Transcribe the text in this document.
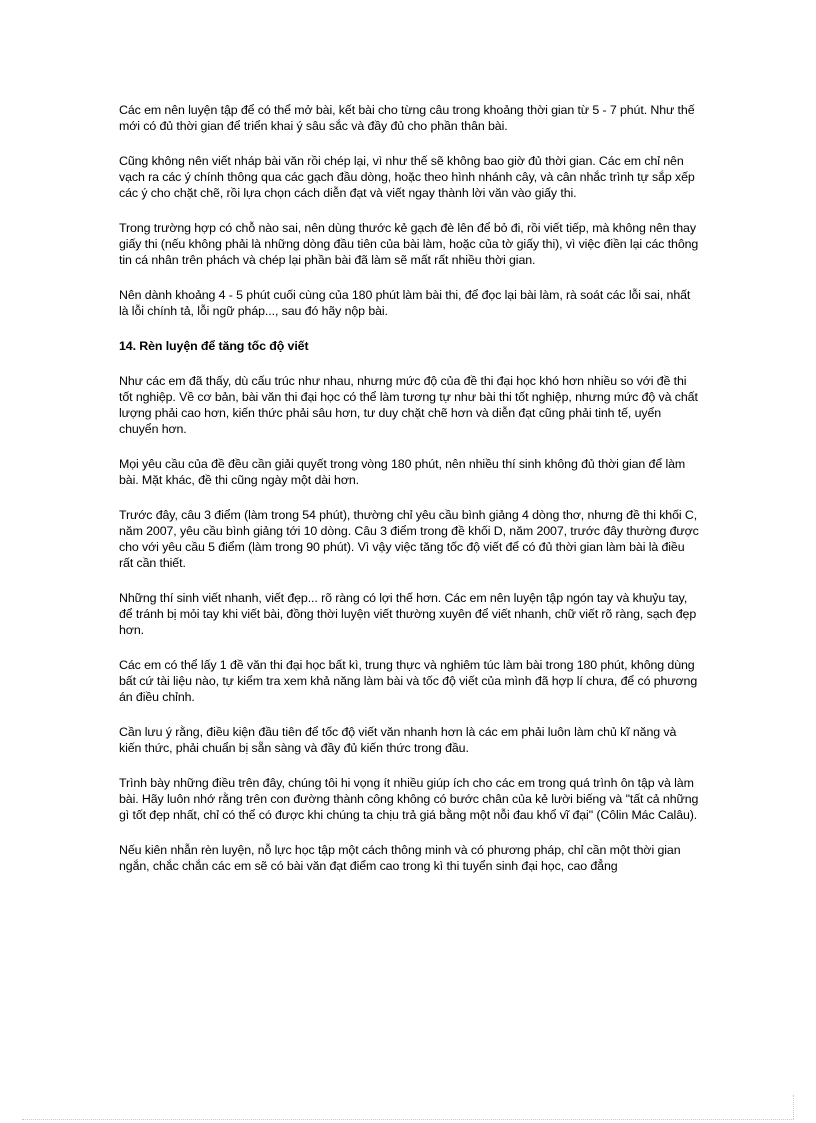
Các em nên luyện tập để có thể mở bài, kết bài cho từng câu trong khoảng thời gian từ 5 - 7 phút. Như thế mới có đủ thời gian để triển khai ý sâu sắc và đầy đủ cho phần thân bài.

Cũng không nên viết nháp bài văn rồi chép lại, vì như thế sẽ không bao giờ đủ thời gian. Các em chỉ nên vạch ra các ý chính thông qua các gạch đầu dòng, hoặc theo hình nhánh cây, và cân nhắc trình tự sắp xếp các ý cho chặt chẽ, rồi lựa chọn cách diễn đạt và viết ngay thành lời văn vào giấy thi.

Trong trường hợp có chỗ nào sai, nên dùng thước kẻ gạch đè lên để bỏ đi, rồi viết tiếp, mà không nên thay giấy thi (nếu không phải là những dòng đầu tiên của bài làm, hoặc của tờ giấy thi), vì việc điền lại các thông tin cá nhân trên phách và chép lại phần bài đã làm sẽ mất rất nhiều thời gian.

Nên dành khoảng 4 - 5 phút cuối cùng của 180 phút làm bài thi, để đọc lại bài làm, rà soát các lỗi sai, nhất là lỗi chính tả, lỗi ngữ pháp..., sau đó hãy nộp bài.

14. Rèn luyện để tăng tốc độ viết

Như các em đã thấy, dù cấu trúc như nhau, nhưng mức độ của đề thi đại học khó hơn nhiều so với đề thi tốt nghiệp. Về cơ bản, bài văn thi đại học có thể làm tương tự như bài thi tốt nghiệp, nhưng mức độ và chất lượng phải cao hơn, kiến thức phải sâu hơn, tư duy chặt chẽ hơn và diễn đạt cũng phải tinh tế, uyển chuyển hơn.

Mọi yêu cầu của đề đều cần giải quyết trong vòng 180 phút, nên nhiều thí sinh không đủ thời gian để làm bài. Mặt khác, đề thi cũng ngày một dài hơn.

Trước đây, câu 3 điểm (làm trong 54 phút), thường chỉ yêu cầu bình giảng 4 dòng thơ, nhưng đề thi khối C, năm 2007, yêu cầu bình giảng tới 10 dòng. Câu 3 điểm trong đề khối D, năm 2007, trước đây thường được cho với yêu cầu 5 điểm (làm trong 90 phút). Vì vậy việc tăng tốc độ viết để có đủ thời gian làm bài là điều rất cần thiết.

Những thí sinh viết nhanh, viết đẹp... rõ ràng có lợi thế hơn. Các em nên luyện tập ngón tay và khuỷu tay, để tránh bị mỏi tay khi viết bài, đồng thời luyện viết thường xuyên để viết nhanh, chữ viết rõ ràng, sạch đẹp hơn.

Các em có thể lấy 1 đề văn thi đại học bất kì, trung thực và nghiêm túc làm bài trong 180 phút, không dùng bất cứ tài liệu nào, tự kiểm tra xem khả năng làm bài và tốc độ viết của mình đã hợp lí chưa, để có phương án điều chỉnh.

Cần lưu ý rằng, điều kiện đầu tiên để tốc độ viết văn nhanh hơn là các em phải luôn làm chủ kĩ năng và kiến thức, phải chuẩn bị sẵn sàng và đầy đủ kiến thức trong đầu.

Trình bày những điều trên đây, chúng tôi hi vọng ít nhiều giúp ích cho các em trong quá trình ôn tập và làm bài. Hãy luôn nhớ rằng trên con đường thành công không có bước chân của kẻ lười biếng và "tất cả những gì tốt đẹp nhất, chỉ có thể có được khi chúng ta chịu trả giá bằng một nỗi đau khổ vĩ đại" (Côlin Mác Calâu).

Nếu kiên nhẫn rèn luyện, nỗ lực học tập một cách thông minh và có phương pháp, chỉ cần một thời gian ngắn, chắc chắn các em sẽ có bài văn đạt điểm cao trong kì thi tuyển sinh đại học, cao đẳng
